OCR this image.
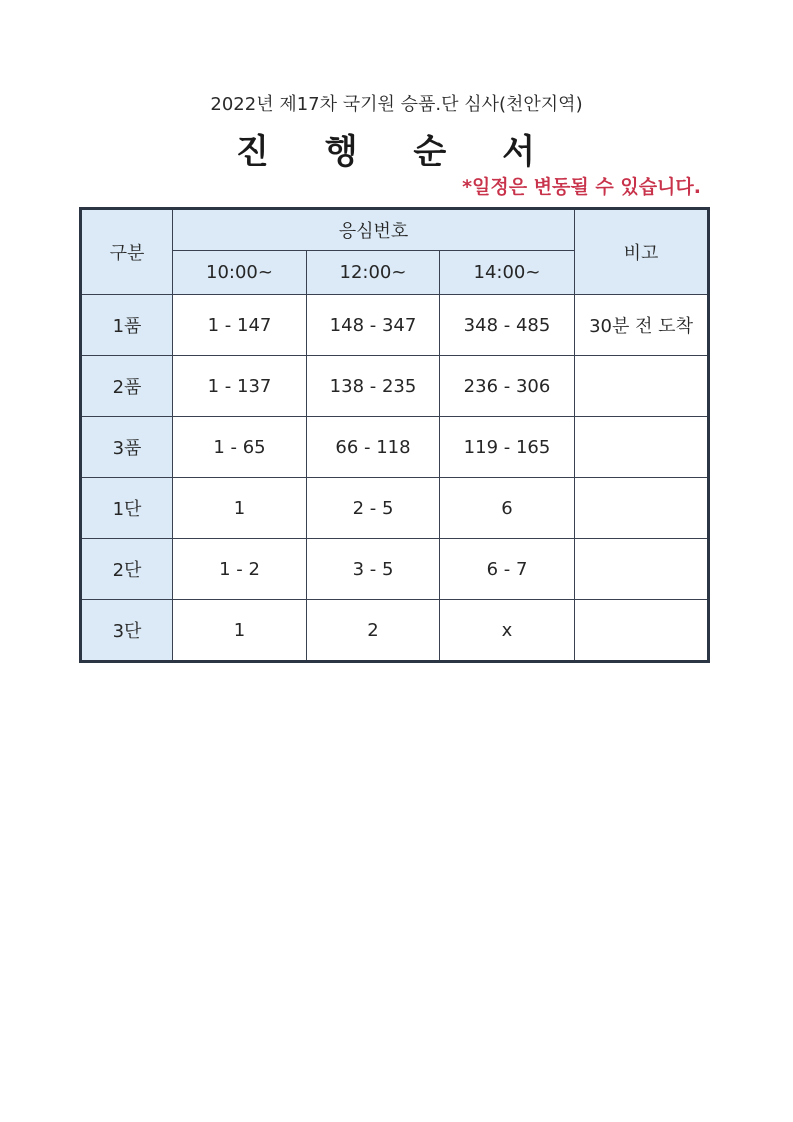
2022년 제17차 국기원 승품.단 심사(천안지역)
진 행 순 서
*일정은 변동될 수 있습니다.
구분	응심번호			비고
	10:00~	12:00~	14:00~	
1품	1 - 147	148 - 347	348 - 485	30분 전 도착
2품	1 - 137	138 - 235	236 - 306	
3품	1 - 65	66 - 118	119 - 165	
1단	1	2 - 5	6	
2단	1 - 2	3 - 5	6 - 7	
3단	1	2	x	
